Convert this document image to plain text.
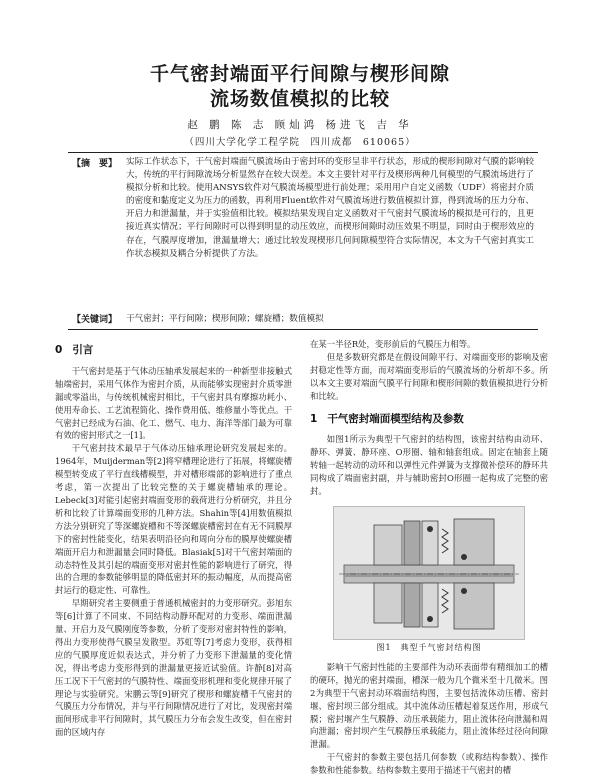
千气密封端面平行间隙与楔形间隙
流场数值模拟的比较
赵 鹏 陈 志 顾灿鸿 杨进飞 吉 华
（四川大学化学工程学院　四川成都　610065）
【摘　要】 实际工作状态下，干气密封端面气膜流场由于密封环的变形呈非平行状态，形成的楔形间隙对气膜的影响较大，传统的平行间隙流场分析显然存在较大误差。本文主要针对平行及楔形两种几何模型的气膜流场进行了模拟分析和比较。使用ANSYS软件对气膜流场模型进行前处理；采用用户自定义函数（UDF）将密封介质的密度和黏度定义为压力的函数，再利用Fluent软件对气膜流场进行数值模拟计算，得到流场的压力分布、开启力和泄漏量，并于实验值相比较。模拟结果发现自定义函数对干气密封气膜流场的模拟是可行的，且更接近真实情况；平行间隙时可以得到明显的动压效应，而楔形间隙时动压效果不明显，同时由于楔形效应的存在，气膜厚度增加，泄漏量增大；通过比较发现楔形几何间隙模型符合实际情况，本文为千气密封真实工作状态模拟及耦合分析提供了方法。
【关键词】 干气密封；平行间隙；楔形间隙；螺旋槽；数值模拟
0 引言

干气密封是基于气体动压轴承发展起来的一种新型非接触式轴端密封，采用气体作为密封介质，从而能够实现密封介质零泄漏或零溢出，与传统机械密封相比，干气密封具有摩擦功耗小、使用寿命长、工艺流程简化、操作费用低、维修量小等优点。干气密封已经成为石油、化工、燃气、电力、海洋等部门最为可靠有效的密封形式之一[1]。

干气密封技术最早于气体动压轴承理论研究发展起来的。1964年，Muijderman等[2]将窄槽理论进行了拓展，将螺旋槽模型转变成了平行直线槽模型，并对槽形端部的影响进行了重点考虑，第一次提出了比较完整的关于螺旋槽轴承的理论。Lebeck[3]对能引起密封端面变形的载荷进行分析研究，并且分析和比较了计算端面变形的几种方法。Shahin等[4]用数值模拟方法分别研究了等深螺旋槽和不等深螺旋槽密封在有无不同膜厚下的密封性能变化，结果表明沿径向和周向分布的膜厚使螺旋槽端面开启力和泄漏量会同时降低。Blasiak[5]对干气密封端面的动态特性及其引起的端面变形对密封性能的影响进行了研究，得出的合理的参数能够明显的降低密封环的振动幅度，从而提高密封运行的稳定性、可靠性。

早期研究者主要侧重于普通机械密封的力变形研究。彭旭东等[6]计算了不同束、不同结构动静环配对的力变形、端面泄漏量、开启力及气膜刚度等参数，分析了变形对密封特性的影响，得出力变形使得气膜呈发散型。苏虹等[7]考虑力变形，获得相应的气膜厚度近似表达式，并分析了力变形下泄漏量的变化情况，得出考虑力变形得到的泄漏量更接近试验值。许静[8]对高压工况下干气密封的气膜特性、端面变形机理和变化规律开展了理论与实验研究。宋鹏云等[9]研究了楔形和螺旋槽千气密封的气膜压力分布情况，并与平行间隙情况进行了对比，发现密封端面间形成非平行间隙时，其气膜压力分布会发生改变，但在密封面的区域内存

在某一半径R处，变形前后的气膜压力相等。

但是多数研究都是在假设间隙平行、对端面变形的影响及密封稳定性等方面，而对端面变形后的气膜流场的分析却不多。所以本文主要对端面气膜平行间隙和楔形间隙的数值模拟进行分析和比较。

1 干气密封端面模型结构及参数

如图1所示为典型干气密封的结构图，该密封结构由动环、静环、弹簧、静环座、O形圈、轴和轴套组成。固定在轴套上随转轴一起转动的动环和以弹性元件弹簧为支撑微补偿环的静环共同构成了端面密封副，并与辅助密封O形圈一起构成了完整的密封。

图1　典型千气密封结构图

影响干气密封性能的主要部件为动环表面带有精细加工的槽的硬环，抛光的密封端面，槽深一般为几个微米至十几微米。图2为典型干气密封动环端面结构图，主要包括流体动压槽、密封堰、密封坝三部分组成。其中流体动压槽起着泵送作用，形成气膜；密封堰产生气膜静、动压承载能力，阻止流体径向泄漏和周向泄漏；密封坝产生气膜静压承载能力，阻止流体经过径向间隙泄漏。

干气密封的参数主要包括几何参数（或称结构参数）、操作参数和性能参数。结构参数主要用于描述干气密封的槽
